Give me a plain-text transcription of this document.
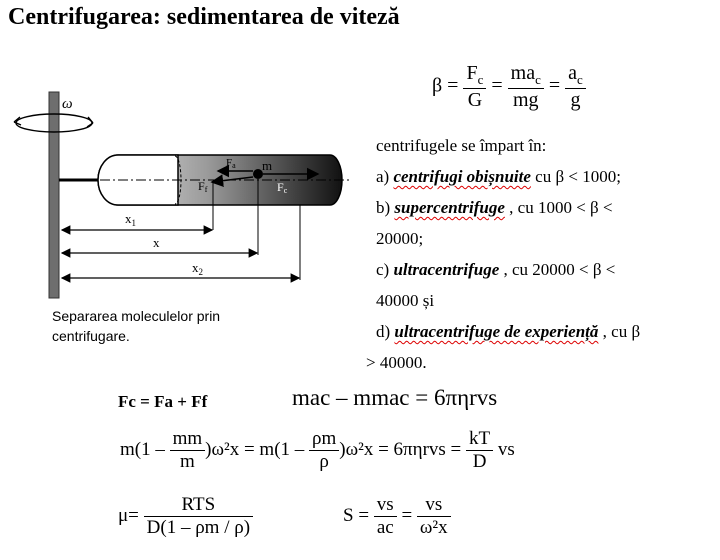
Centrifugarea: sedimentarea de viteză
ω
Fa m
Ff	Fc
$x_1$
x
$x_2$
Separarea moleculelor prin
centrifugare.
$\beta = \frac{F_c}{G} = \frac{ma_c}{mg} = \frac{a_c}{g}$
centrifugele se împart în:
a) centrifugi obișnuite cu β < 1000;
b) supercentrifuge , cu 1000 < β <
20000;
c) ultracentrifuge , cu 20000 < β <
40000 și
d) ultracentrifuge de experiență , cu β
> 40000.
Fc = Fa + Ff	mac – mmac = 6πηrvs
$m(1 - \frac{mm}{m} )\omega^2x = m(1 - \frac{\rho m}{\rho} )\omega^2x = 6\pi\eta rvs = \frac{kT}{D}$ vs
$\mu= \frac{\text{RTS}}{D(1 - \rho m / \rho)}$	$S = \frac{vs}{ac} = \frac{vs}{\text{ω²x}}$
